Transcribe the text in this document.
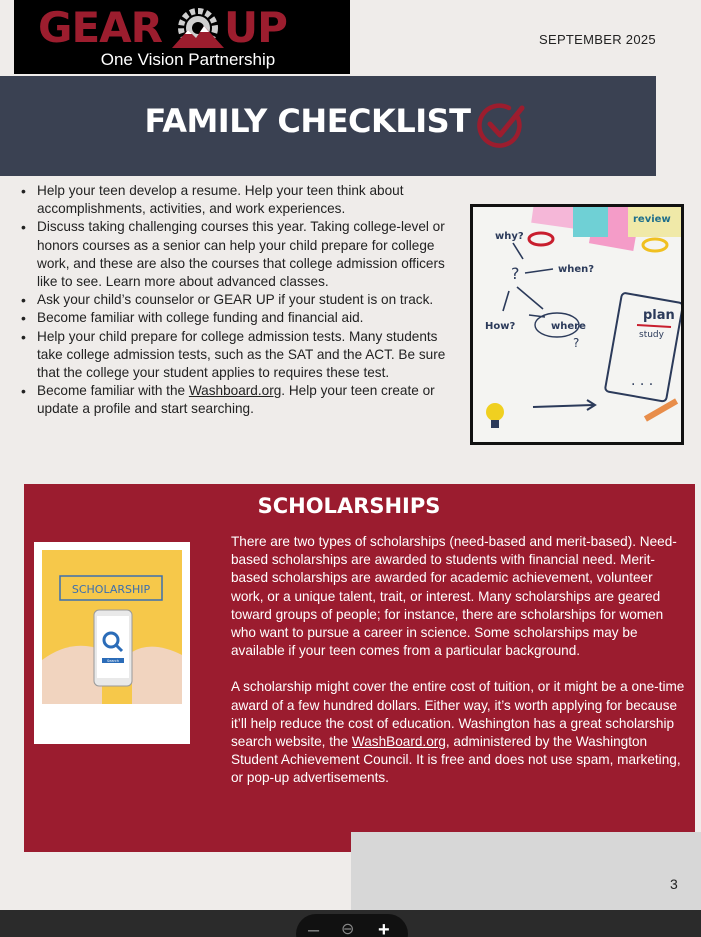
GEAR UP
One Vision Partnership
SEPTEMBER 2025
FAMILY CHECKLIST
• Help your teen develop a resume. Help your teen think about accomplishments, activities, and work experiences.
• Discuss taking challenging courses this year. Taking college-level or honors courses as a senior can help your child prepare for college work, and these are also the courses that college admission officers like to see. Learn more about advanced classes.
• Ask your child’s counselor or GEAR UP if your student is on track.
• Become familiar with college funding and financial aid.
• Help your child prepare for college admission tests. Many students take college admission tests, such as the SAT and the ACT. Be sure that the college your student applies to requires these test.
• Become familiar with the Washboard.org. Help your teen create or update a profile and start searching.
why?
when?
How?	where
plan
study
review
?
?
. . .
SCHOLARSHIPS
SCHOLARSHIP
Search

There are two types of scholarships (need-based and merit-based). Need-based scholarships are awarded to students with financial need. Merit-based scholarships are awarded for academic achievement, volunteer work, or a unique talent, trait, or interest. Many scholarships are geared toward groups of people; for instance, there are scholarships for women who want to pursue a career in science. Some scholarships may be available if your teen comes from a particular background.

A scholarship might cover the entire cost of tuition, or it might be a one-time award of a few hundred dollars. Either way, it’s worth applying for because it’ll help reduce the cost of education. Washington has a great scholarship search website, the WashBoard.org, administered by the Washington Student Achievement Council. It is free and does not use spam, marketing, or pop-up advertisements.

3
– ⊖ +
